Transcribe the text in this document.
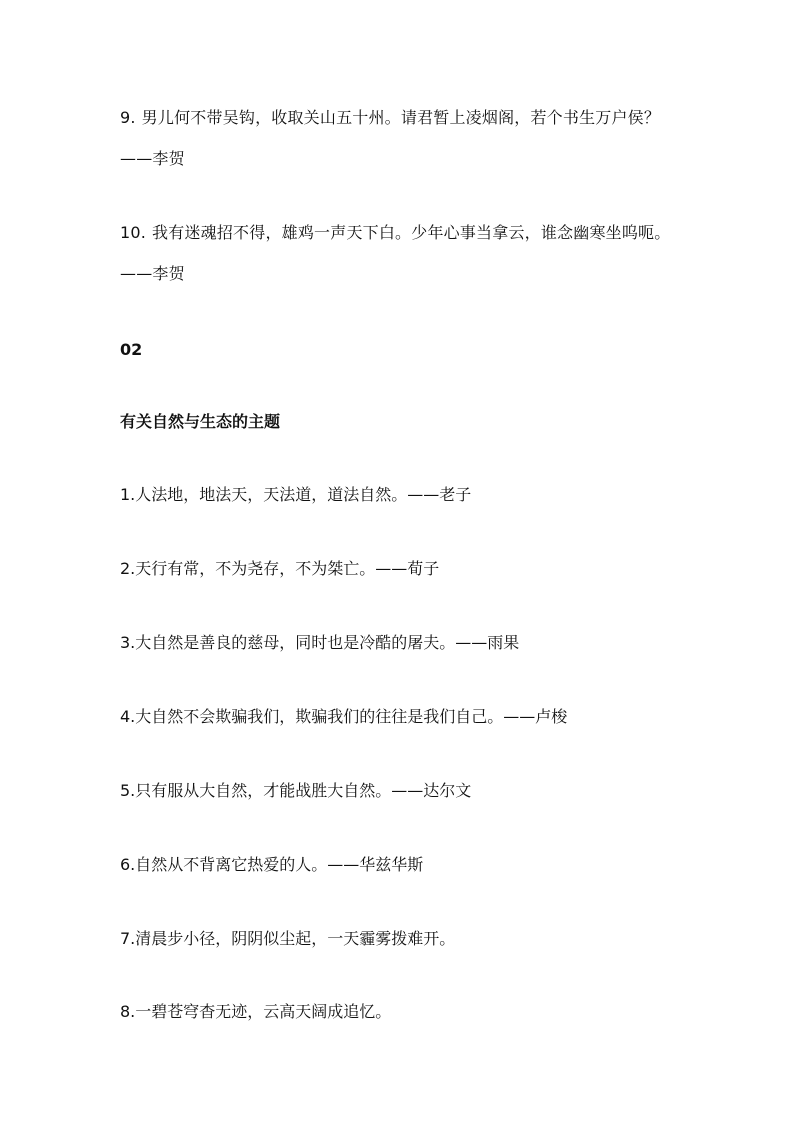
9. 男儿何不带吴钩，收取关山五十州。请君暂上凌烟阁，若个书生万户侯？——李贺

10. 我有迷魂招不得，雄鸡一声天下白。少年心事当拿云，谁念幽寒坐呜呃。——李贺

02
有关自然与生态的主题

1.人法地，地法天，天法道，道法自然。——老子

2.天行有常，不为尧存，不为桀亡。——荀子

3.大自然是善良的慈母，同时也是冷酷的屠夫。——雨果

4.大自然不会欺骗我们，欺骗我们的往往是我们自己。——卢梭

5.只有服从大自然，才能战胜大自然。——达尔文

6.自然从不背离它热爱的人。——华兹华斯

7.清晨步小径，阴阴似尘起，一天霾雾拨难开。

8.一碧苍穹杳无迹，云高天阔成追忆。
